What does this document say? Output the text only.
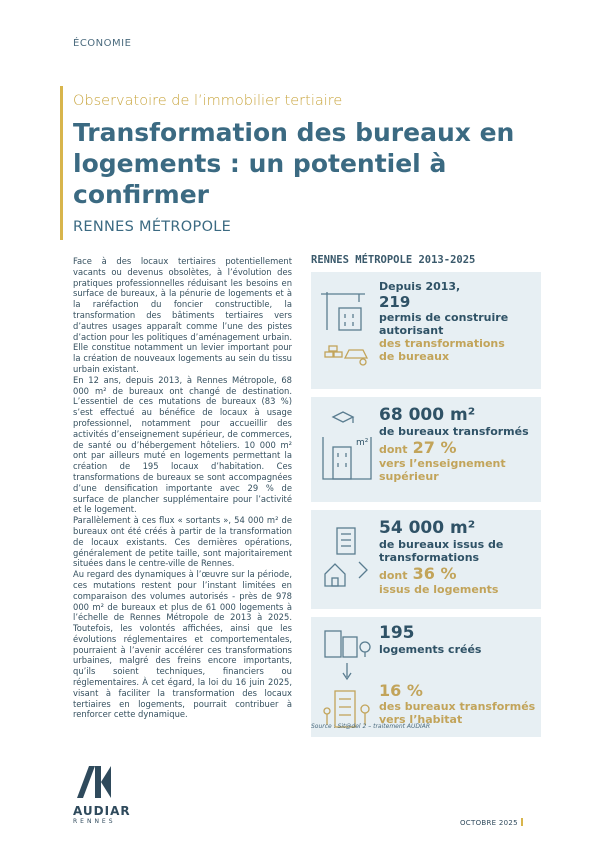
ÉCONOMIE
Observatoire de l’immobilier tertiaire
Transformation des bureaux en logements : un potentiel à confirmer
RENNES MÉTROPOLE

Face à des locaux tertiaires potentiellement vacants ou devenus obsolètes, à l’évolution des pratiques professionnelles réduisant les besoins en surface de bureaux, à la pénurie de logements et à la raréfaction du foncier constructible, la transformation des bâtiments tertiaires vers d’autres usages apparaît comme l’une des pistes d’action pour les politiques d’aménagement urbain. Elle constitue notamment un levier important pour la création de nouveaux logements au sein du tissu urbain existant.

En 12 ans, depuis 2013, à Rennes Métropole, 68 000 m² de bureaux ont changé de destination. L’essentiel de ces mutations de bureaux (83 %) s’est effectué au bénéfice de locaux à usage professionnel, notamment pour accueillir des activités d’enseignement supérieur, de commerces, de santé ou d’hébergement hôteliers. 10 000 m² ont par ailleurs muté en logements permettant la création de 195 locaux d’habitation. Ces transformations de bureaux se sont accompagnées d’une densification importante avec 29 % de surface de plancher supplémentaire pour l’activité et le logement.

Parallèlement à ces flux « sortants », 54 000 m² de bureaux ont été créés à partir de la transformation de locaux existants. Ces dernières opérations, généralement de petite taille, sont majoritairement situées dans le centre-ville de Rennes.

Au regard des dynamiques à l’œuvre sur la période, ces mutations restent pour l’instant limitées en comparaison des volumes autorisés - près de 978 000 m² de bureaux et plus de 61 000 logements à l’échelle de Rennes Métropole de 2013 à 2025. Toutefois, les volontés affichées, ainsi que les évolutions réglementaires et comportementales, pourraient à l’avenir accélérer ces transformations urbaines, malgré des freins encore importants, qu’ils soient techniques, financiers ou réglementaires. À cet égard, la loi du 16 juin 2025, visant à faciliter la transformation des locaux tertiaires en logements, pourrait contribuer à renforcer cette dynamique.

RENNES MÉTROPOLE 2013-2025
Depuis 2013,
219
permis de construire
autorisant
des transformations
de bureaux
m²
68 000 m²
de bureaux transformés
dont 27 %
vers l’enseignement
supérieur
54 000 m²
de bureaux issus de
transformations
dont 36 %
issus de logements
195
logements créés
16 %
des bureaux transformés
vers l’habitat
Source : Sit@del 2 – traitement AUDIAR
AUDIAR
RENNES	OCTOBRE 2025
